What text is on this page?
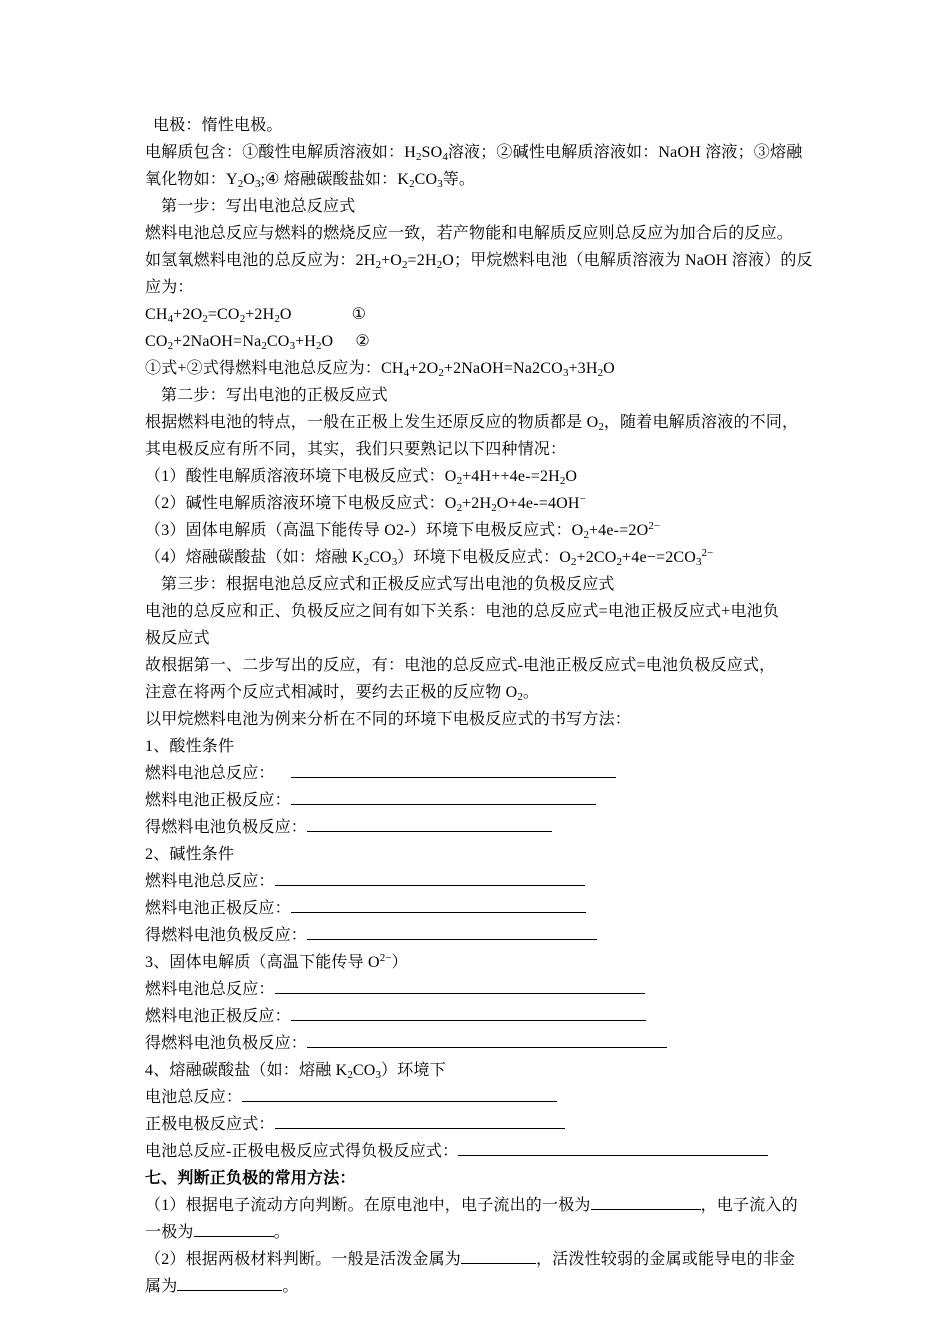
电极：惰性电极。
电解质包含：①酸性电解质溶液如：$H_2SO_4$溶液；②碱性电解质溶液如：NaOH 溶液；③熔融
氧化物如：$Y_2O_3;④$ 熔融碳酸盐如：$K_2CO_3$等。
第一步：写出电池总反应式
燃料电池总反应与燃料的燃烧反应一致，若产物能和电解质反应则总反应为加合后的反应。
如氢氧燃料电池的总反应为：$2H_2+O_2=2H_2O$；甲烷燃料电池（电解质溶液为 NaOH 溶液）的反
应为：
$CH_4+2O_2=CO_2+2H_2O$	①
$CO_2+2NaOH=Na_2CO_3+H_2O$ ②
①式+②式得燃料电池总反应为：$CH_4+2O_2+2NaOH=Na2CO_3+3H_2O$
第二步：写出电池的正极反应式
根据燃料电池的特点，一般在正极上发生还原反应的物质都是 $O_2$，随着电解质溶液的不同，
其电极反应有所不同，其实，我们只要熟记以下四种情况：
（1）酸性电解质溶液环境下电极反应式：$O_2+4H++4e-=2H_2O$
（2）碱性电解质溶液环境下电极反应式：$O_2+2H_2O+4e-=4OH^-$
（3）固体电解质（高温下能传导 O2-）环境下电极反应式：$O_2+4e-=2O^{2-}$
（4）熔融碳酸盐（如：熔融 $K_2CO_3$）环境下电极反应式：$O_2+2CO_2+4e-=2CO_3^{2-}$
第三步：根据电池总反应式和正极反应式写出电池的负极反应式
电池的总反应和正、负极反应之间有如下关系：电池的总反应式=电池正极反应式+电池负
极反应式
故根据第一、二步写出的反应，有：电池的总反应式-电池正极反应式=电池负极反应式，
注意在将两个反应式相减时，要约去正极的反应物 $O_2$。
以甲烷燃料电池为例来分析在不同的环境下电极反应式的书写方法：
1、酸性条件
燃料电池总反应：
燃料电池正极反应：
得燃料电池负极反应：
2、碱性条件
燃料电池总反应：
燃料电池正极反应：
得燃料电池负极反应：
3、固体电解质（高温下能传导 $O^{2-}$）
燃料电池总反应：
燃料电池正极反应：
得燃料电池负极反应：
4、熔融碳酸盐（如：熔融 $K_2CO_3$）环境下
电池总反应：
正极电极反应式：
电池总反应-正极电极反应式得负极反应式：
七、判断正负极的常用方法：
（1）根据电子流动方向判断。在原电池中，电子流出的一极为	，电子流入的
一极为	。
（2）根据两极材料判断。一般是活泼金属为	，活泼性较弱的金属或能导电的非金
属为	。
